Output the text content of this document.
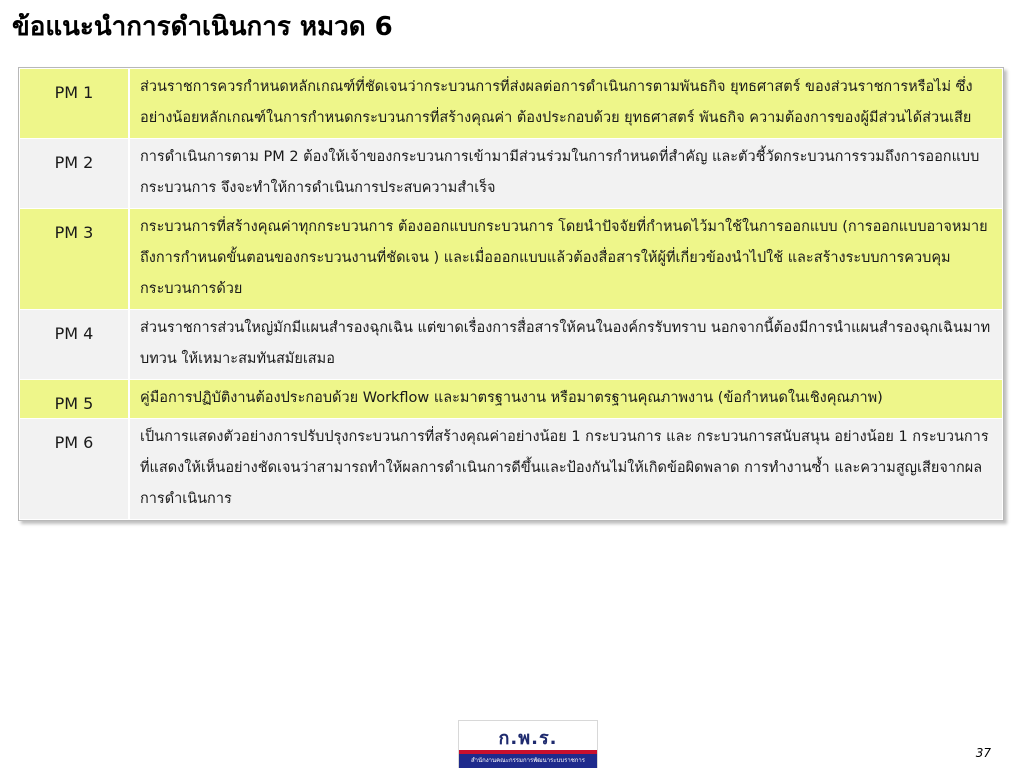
ข้อแนะนำการดำเนินการ หมวด 6
PM 1	ส่วนราชการควรกำหนดหลักเกณฑ์ที่ชัดเจนว่ากระบวนการที่ส่งผลต่อการดำเนินการตามพันธกิจ ยุทธศาสตร์ ของส่วนราชการหรือไม่ ซึ่งอย่างน้อยหลักเกณฑ์ในการกำหนดกระบวนการที่สร้างคุณค่า ต้องประกอบด้วย ยุทธศาสตร์ พันธกิจ ความต้องการของผู้มีส่วนได้ส่วนเสีย
PM 2	การดำเนินการตาม PM 2 ต้องให้เจ้าของกระบวนการเข้ามามีส่วนร่วมในการกำหนดที่สำคัญ และตัวชี้วัดกระบวนการรวมถึงการออกแบบกระบวนการ จึงจะทำให้การดำเนินการประสบความสำเร็จ
PM 3	กระบวนการที่สร้างคุณค่าทุกกระบวนการ ต้องออกแบบกระบวนการ โดยนำปัจจัยที่กำหนดไว้มาใช้ในการออกแบบ (การออกแบบอาจหมายถึงการกำหนดขั้นตอนของกระบวนงานที่ชัดเจน ) และเมื่อออกแบบแล้วต้องสื่อสารให้ผู้ที่เกี่ยวข้องนำไปใช้ และสร้างระบบการควบคุมกระบวนการด้วย
PM 4	ส่วนราชการส่วนใหญ่มักมีแผนสำรองฉุกเฉิน แต่ขาดเรื่องการสื่อสารให้คนในองค์กรรับทราบ นอกจากนี้ต้องมีการนำแผนสำรองฉุกเฉินมาทบทวน ให้เหมาะสมทันสมัยเสมอ
PM 5	คู่มือการปฏิบัติงานต้องประกอบด้วย Workflow และมาตรฐานงาน หรือมาตรฐานคุณภาพงาน (ข้อกำหนดในเชิงคุณภาพ)
PM 6	เป็นการแสดงตัวอย่างการปรับปรุงกระบวนการที่สร้างคุณค่าอย่างน้อย 1 กระบวนการ และ กระบวนการสนับสนุน อย่างน้อย 1 กระบวนการ ที่แสดงให้เห็นอย่างชัดเจนว่าสามารถทำให้ผลการดำเนินการดีขึ้นและป้องกันไม่ให้เกิดข้อผิดพลาด การทำงานซ้ำ และความสูญเสียจากผลการดำเนินการ
ก.พ.ร.
สำนักงานคณะกรรมการพัฒนาระบบราชการ
37
